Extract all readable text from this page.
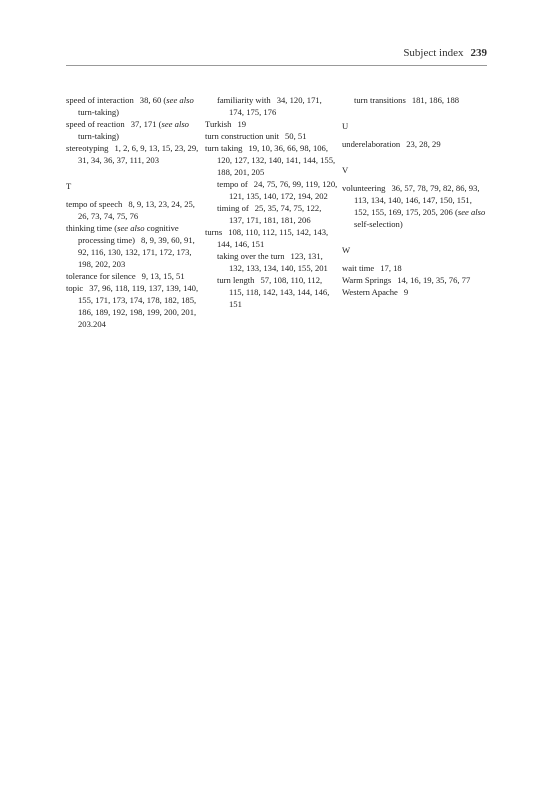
Subject index 239
speed of interaction 38, 60 (see also turn-taking)
speed of reaction 37, 171 (see also turn-taking)
stereotyping 1, 2, 6, 9, 13, 15, 23, 29, 31, 34, 36, 37, 111, 203
T
tempo of speech 8, 9, 13, 23, 24, 25, 26, 73, 74, 75, 76
thinking time (see also cognitive processing time) 8, 9, 39, 60, 91, 92, 116, 130, 132, 171, 172, 173, 198, 202, 203
tolerance for silence 9, 13, 15, 51
topic 37, 96, 118, 119, 137, 139, 140, 155, 171, 173, 174, 178, 182, 185, 186, 189, 192, 198, 199, 200, 201, 203.204
familiarity with 34, 120, 171, 174, 175, 176
Turkish 19
turn construction unit 50, 51
turn taking 19, 10, 36, 66, 98, 106, 120, 127, 132, 140, 141, 144, 155, 188, 201, 205
tempo of 24, 75, 76, 99, 119, 120, 121, 135, 140, 172, 194, 202
timing of 25, 35, 74, 75, 122, 137, 171, 181, 181, 206
turns 108, 110, 112, 115, 142, 143, 144, 146, 151
taking over the turn 123, 131, 132, 133, 134, 140, 155, 201
turn length 57, 108, 110, 112, 115, 118, 142, 143, 144, 146, 151
turn transitions 181, 186, 188
U
underelaboration 23, 28, 29
V
volunteering 36, 57, 78, 79, 82, 86, 93, 113, 134, 140, 146, 147, 150, 151, 152, 155, 169, 175, 205, 206 (see also self-selection)
W
wait time 17, 18
Warm Springs 14, 16, 19, 35, 76, 77
Western Apache 9
